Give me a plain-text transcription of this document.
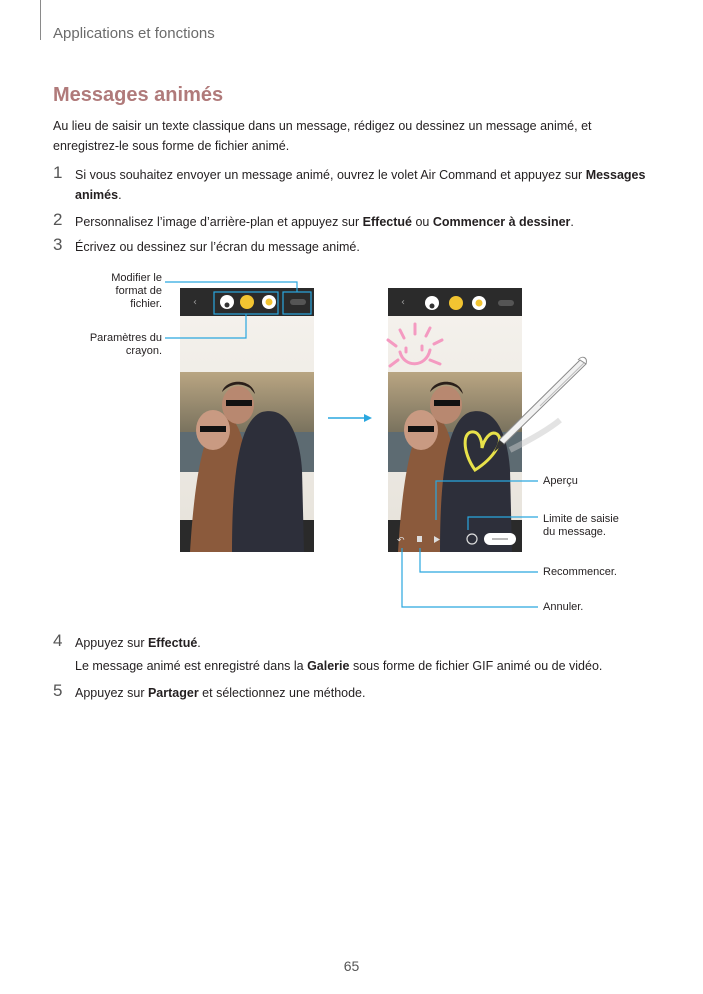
Applications et fonctions
Messages animés
Au lieu de saisir un texte classique dans un message, rédigez ou dessinez un message animé, et enregistrez-le sous forme de fichier animé.
1 Si vous souhaitez envoyer un message animé, ouvrez le volet Air Command et appuyez sur Messages animés.
2 Personnalisez l’image d’arrière-plan et appuyez sur Effectué ou Commencer à dessiner.
3 Écrivez ou dessinez sur l’écran du message animé.
‹	‹
↶
Modifier le
format de
fichier.
Paramètres du
crayon.
Aperçu
Limite de saisie
du message.
Recommencer.
Annuler.
4 Appuyez sur Effectué.
Le message animé est enregistré dans la Galerie sous forme de fichier GIF animé ou de vidéo.
5 Appuyez sur Partager et sélectionnez une méthode.
65
